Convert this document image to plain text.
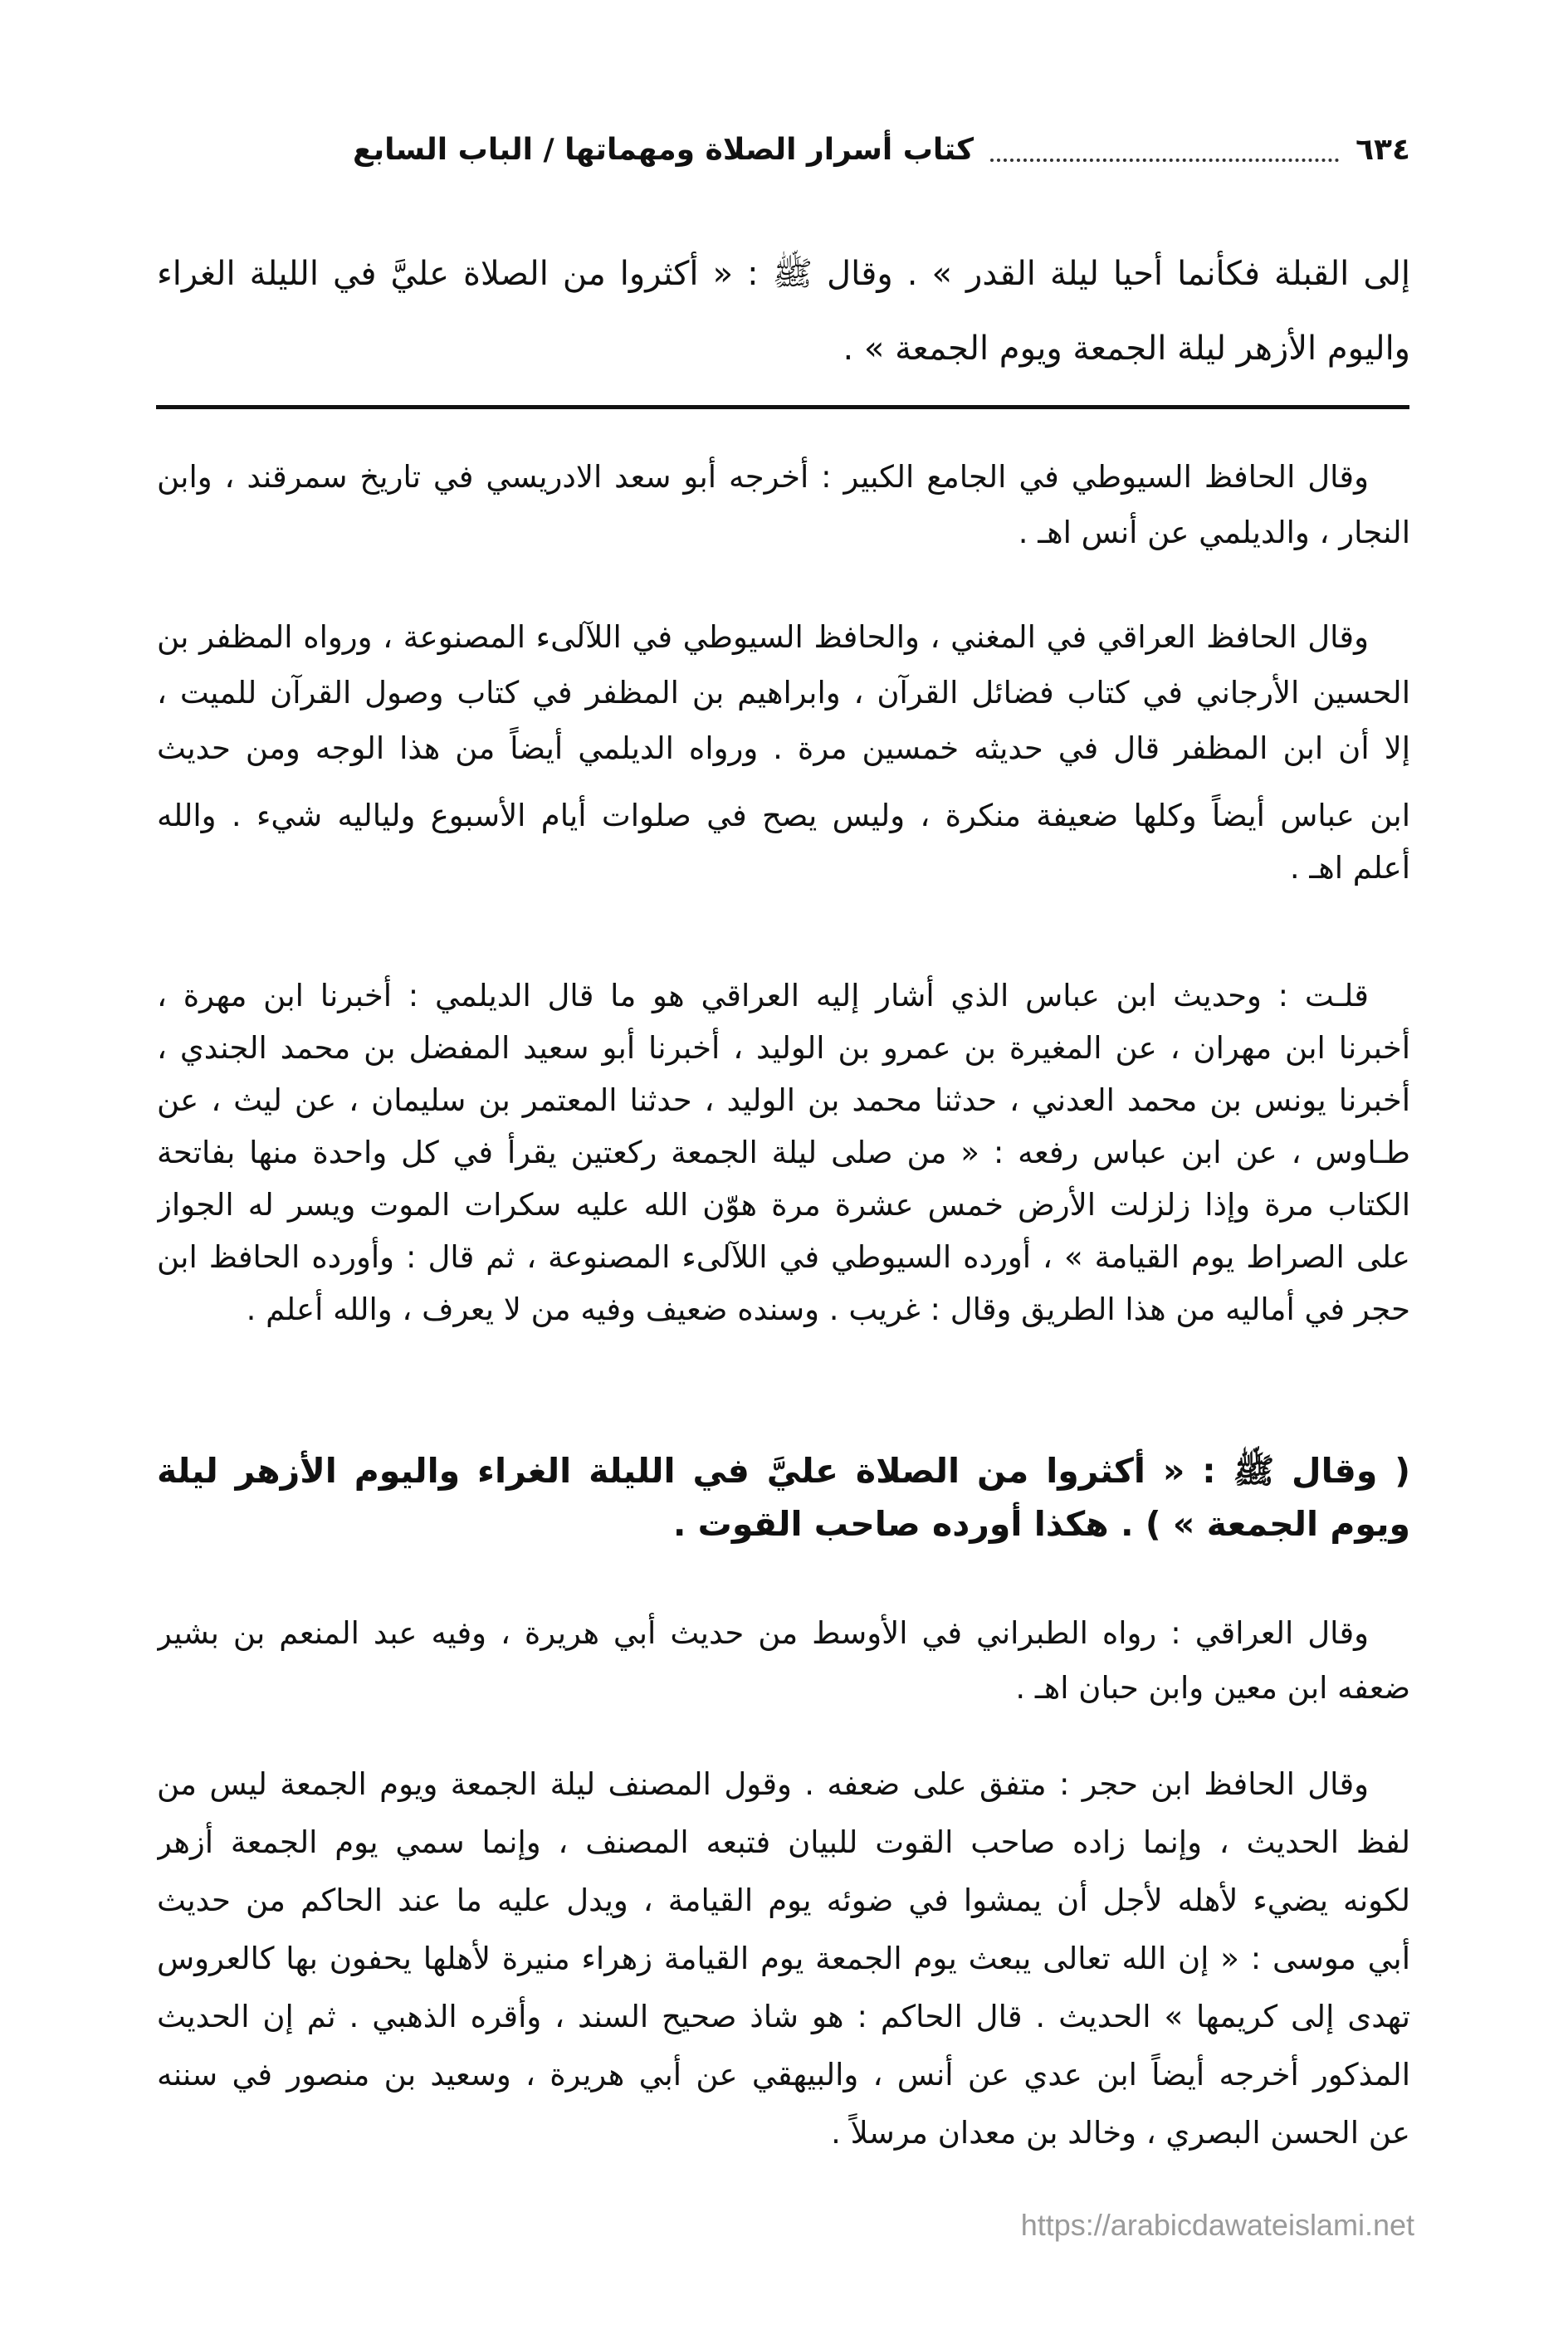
٦٣٤
كتاب أسرار الصلاة ومهماتها / الباب السابع
إلى القبلة فكأنما أحيا ليلة القدر » . وقال ﷺ : « أكثروا من الصلاة عليَّ في الليلة الغراء
واليوم الأزهر ليلة الجمعة ويوم الجمعة » .
وقال الحافظ السيوطي في الجامع الكبير : أخرجه أبو سعد الادريسي في تاريخ سمرقند ، وابن
النجار ، والديلمي عن أنس اهـ .
وقال الحافظ العراقي في المغني ، والحافظ السيوطي في اللآلىء المصنوعة ، ورواه المظفر بن
الحسين الأرجاني في كتاب فضائل القرآن ، وابراهيم بن المظفر في كتاب وصول القرآن للميت ،
إلا أن ابن المظفر قال في حديثه خمسين مرة . ورواه الديلمي أيضاً من هذا الوجه ومن حديث
ابن عباس أيضاً وكلها ضعيفة منكرة ، وليس يصح في صلوات أيام الأسبوع ولياليه شيء . والله
أعلم اهـ .
قلـت : وحديث ابن عباس الذي أشار إليه العراقي هو ما قال الديلمي : أخبرنا ابن مهرة ،
أخبرنا ابن مهران ، عن المغيرة بن عمرو بن الوليد ، أخبرنا أبو سعيد المفضل بن محمد الجندي ،
أخبرنا يونس بن محمد العدني ، حدثنا محمد بن الوليد ، حدثنا المعتمر بن سليمان ، عن ليث ، عن
طـاوس ، عن ابن عباس رفعه : « من صلى ليلة الجمعة ركعتين يقرأ في كل واحدة منها بفاتحة
الكتاب مرة وإذا زلزلت الأرض خمس عشرة مرة هوّن الله عليه سكرات الموت ويسر له الجواز
على الصراط يوم القيامة » ، أورده السيوطي في اللآلىء المصنوعة ، ثم قال : وأورده الحافظ ابن
حجر في أماليه من هذا الطريق وقال : غريب . وسنده ضعيف وفيه من لا يعرف ، والله أعلم .
( وقال ﷺ : « أكثروا من الصلاة عليَّ في الليلة الغراء واليوم الأزهر ليلة
ويوم الجمعة » ) . هكذا أورده صاحب القوت .
وقال العراقي : رواه الطبراني في الأوسط من حديث أبي هريرة ، وفيه عبد المنعم بن بشير
ضعفه ابن معين وابن حبان اهـ .
وقال الحافظ ابن حجر : متفق على ضعفه . وقول المصنف ليلة الجمعة ويوم الجمعة ليس من
لفظ الحديث ، وإنما زاده صاحب القوت للبيان فتبعه المصنف ، وإنما سمي يوم الجمعة أزهر
لكونه يضيء لأهله لأجل أن يمشوا في ضوئه يوم القيامة ، ويدل عليه ما عند الحاكم من حديث
أبي موسى : « إن الله تعالى يبعث يوم الجمعة يوم القيامة زهراء منيرة لأهلها يحفون بها كالعروس
تهدى إلى كريمها » الحديث . قال الحاكم : هو شاذ صحيح السند ، وأقره الذهبي . ثم إن الحديث
المذكور أخرجه أيضاً ابن عدي عن أنس ، والبيهقي عن أبي هريرة ، وسعيد بن منصور في سننه
عن الحسن البصري ، وخالد بن معدان مرسلاً .
https://arabicdawateislami.net
